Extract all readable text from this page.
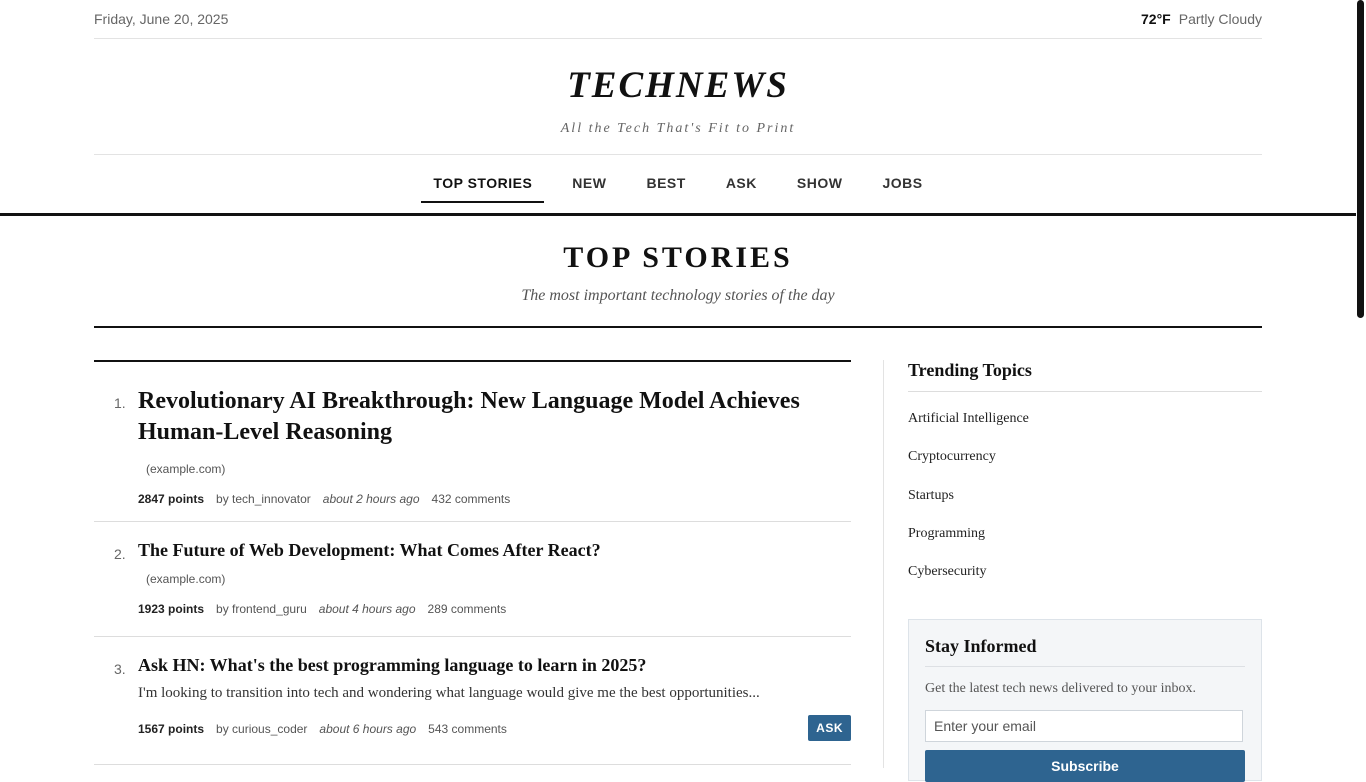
Friday, June 20, 2025	72°F Partly Cloudy
TECHNEWS
All the Tech That's Fit to Print
TOP STORIES	NEW	BEST	ASK	SHOW	JOBS
TOP STORIES
The most important technology stories of the day
1. Revolutionary AI Breakthrough: New Language Model Achieves Human-Level Reasoning
(example.com)
2847 points by tech_innovator about 2 hours ago 432 comments
2. The Future of Web Development: What Comes After React?
(example.com)
1923 points by frontend_guru about 4 hours ago 289 comments
3. Ask HN: What's the best programming language to learn in 2025?
I'm looking to transition into tech and wondering what language would give me the best opportunities...
1567 points by curious_coder about 6 hours ago 543 comments	ASK
Trending Topics
Artificial Intelligence
Cryptocurrency
Startups
Programming
Cybersecurity
Stay Informed
Get the latest tech news delivered to your inbox.
Enter your email Subscribe
